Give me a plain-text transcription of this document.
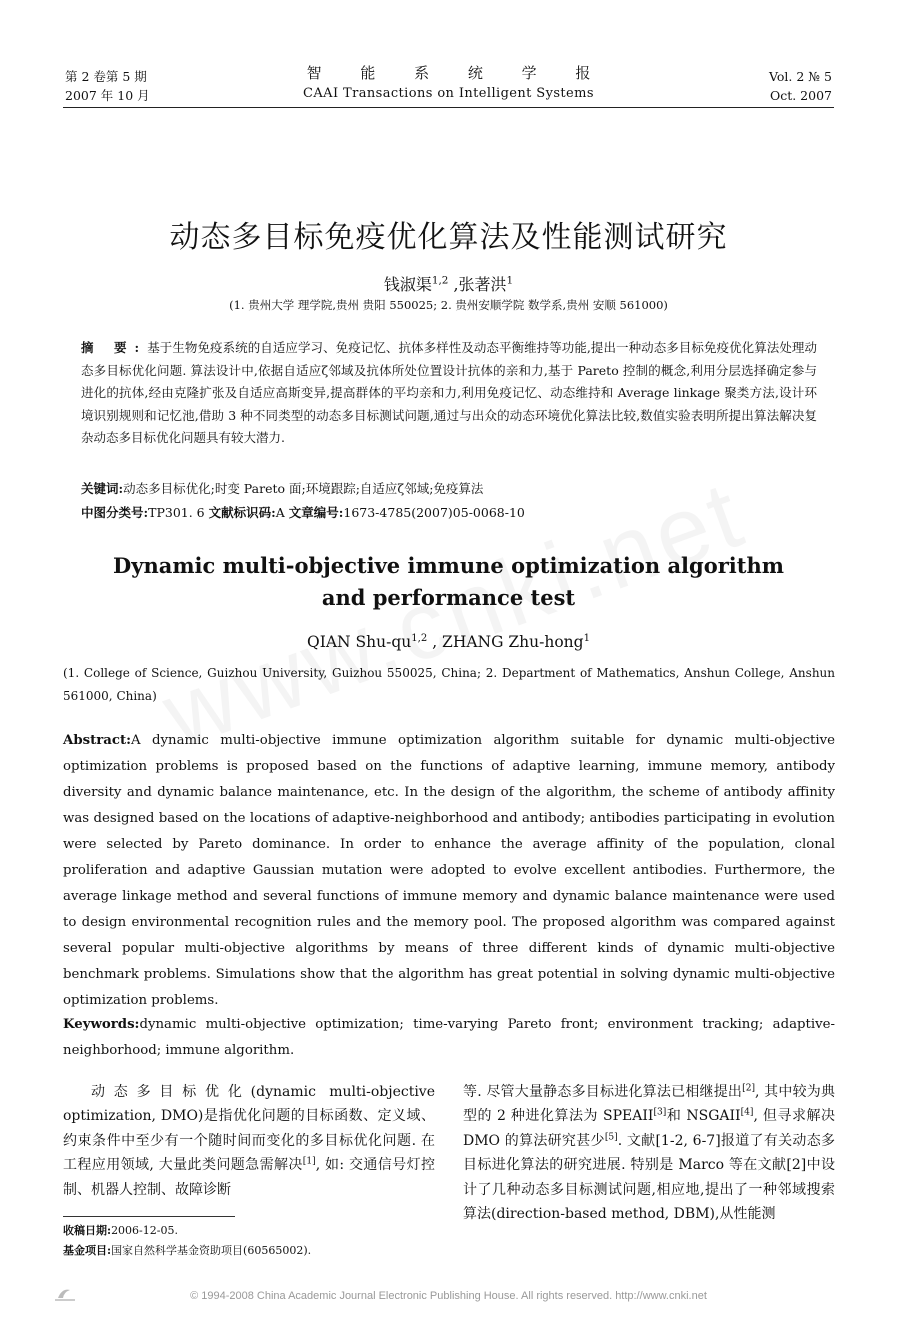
第 2 卷第 5 期
2007 年 10 月
智 能 系 统 学 报
CAAI Transactions on Intelligent Systems
Vol. 2 № 5
Oct. 2007
动态多目标免疫优化算法及性能测试研究
钱淑渠$^{1,2}$ ,张著洪$^1$
(1. 贵州大学 理学院,贵州 贵阳 550025; 2. 贵州安顺学院 数学系,贵州 安顺 561000)
摘 要:基于生物免疫系统的自适应学习、免疫记忆、抗体多样性及动态平衡维持等功能,提出一种动态多目标免疫优化算法处理动态多目标优化问题. 算法设计中,依据自适应ζ邻域及抗体所处位置设计抗体的亲和力,基于 Pareto 控制的概念,利用分层选择确定参与进化的抗体,经由克隆扩张及自适应高斯变异,提高群体的平均亲和力,利用免疫记忆、动态维持和 Average linkage 聚类方法,设计环境识别规则和记忆池,借助 3 种不同类型的动态多目标测试问题,通过与出众的动态环境优化算法比较,数值实验表明所提出算法解决复杂动态多目标优化问题具有较大潜力.
关键词:动态多目标优化;时变 Pareto 面;环境跟踪;自适应ζ邻域;免疫算法
中图分类号:TP301. 6 文献标识码:A 文章编号:1673-4785(2007)05-0068-10
Dynamic multi-objective immune optimization algorithm
and performance test
QIAN Shu-qu$^{1,2}$ , ZHANG Zhu-hong$^1$
(1. College of Science, Guizhou University, Guizhou 550025, China; 2. Department of Mathematics, Anshun College, Anshun 561000, China)
Abstract:A dynamic multi-objective immune optimization algorithm suitable for dynamic multi-objective optimization problems is proposed based on the functions of adaptive learning, immune memory, antibody diversity and dynamic balance maintenance, etc. In the design of the algorithm, the scheme of antibody affinity was designed based on the locations of adaptive-neighborhood and antibody; antibodies participating in evolution were selected by Pareto dominance. In order to enhance the average affinity of the population, clonal proliferation and adaptive Gaussian mutation were adopted to evolve excellent antibodies. Furthermore, the average linkage method and several functions of immune memory and dynamic balance maintenance were used to design environmental recognition rules and the memory pool. The proposed algorithm was compared against several popular multi-objective algorithms by means of three different kinds of dynamic multi-objective benchmark problems. Simulations show that the algorithm has great potential in solving dynamic multi-objective optimization problems.
Keywords:dynamic multi-objective optimization; time-varying Pareto front; environment tracking; adaptive-neighborhood; immune algorithm.
动态多目标优化(dynamic multi-objective optimization, DMO)是指优化问题的目标函数、定义域、约束条件中至少有一个随时间而变化的多目标优化问题. 在工程应用领域, 大量此类问题急需解决[1], 如: 交通信号灯控制、机器人控制、故障诊断
等. 尽管大量静态多目标进化算法已相继提出[2], 其中较为典型的 2 种进化算法为 SPEAII[3]和 NSGAII[4], 但寻求解决 DMO 的算法研究甚少[5]. 文献[1-2, 6-7]报道了有关动态多目标进化算法的研究进展. 特别是 Marco 等在文献[2]中设计了几种动态多目标测试问题,相应地,提出了一种邻域搜索算法(direction-based method, DBM),从性能测
收稿日期:2006-12-05.
基金项目:国家自然科学基金资助项目(60565002).
© 1994-2008 China Academic Journal Electronic Publishing House. All rights reserved. http://www.cnki.net
